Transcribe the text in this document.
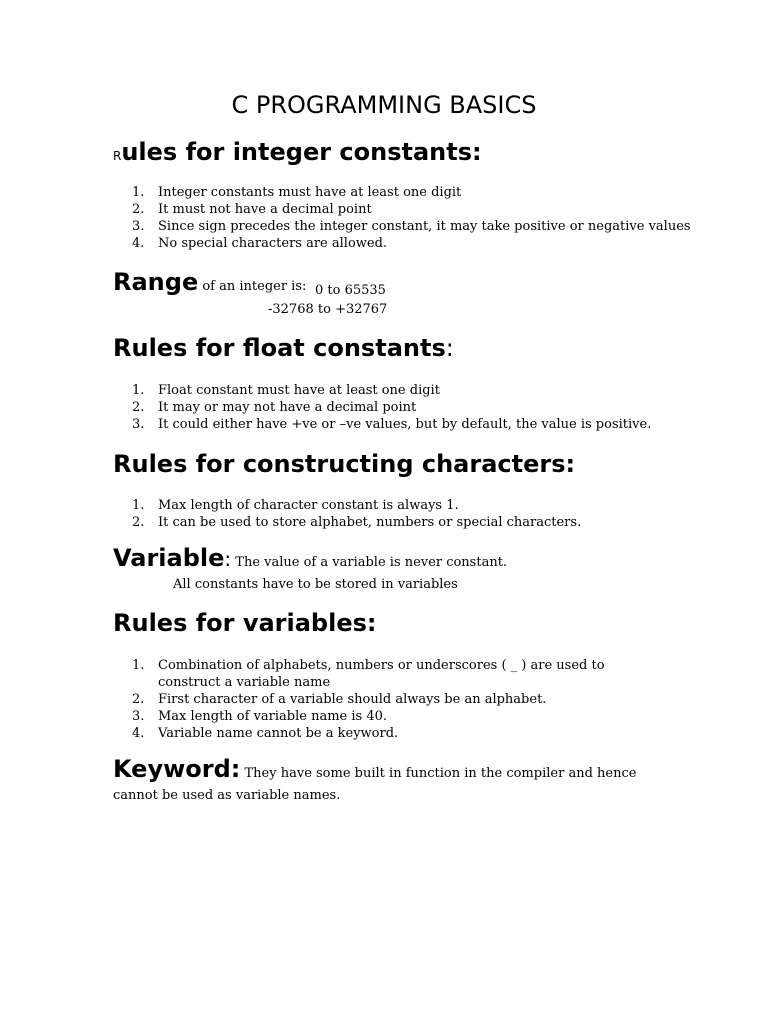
C PROGRAMMING BASICS
Rules for integer constants:
1. Integer constants must have at least one digit
2. It must not have a decimal point
3. Since sign precedes the integer constant, it may take positive or negative values
4. No special characters are allowed.

Range of an integer is: 0 to 65535

-32768 to +32767

Rules for float constants:
1. Float constant must have at least one digit
2. It may or may not have a decimal point
3. It could either have +ve or –ve values, but by default, the value is positive.
Rules for constructing characters:
1. Max length of character constant is always 1.
2. It can be used to store alphabet, numbers or special characters.

Variable: The value of a variable is never constant.

All constants have to be stored in variables

Rules for variables:
1. Combination of alphabets, numbers or underscores ( _ ) are used to construct a variable name
2. First character of a variable should always be an alphabet.
3. Max length of variable name is 40.
4. Variable name cannot be a keyword.

Keyword: They have some built in function in the compiler and hence cannot be used as variable names.
